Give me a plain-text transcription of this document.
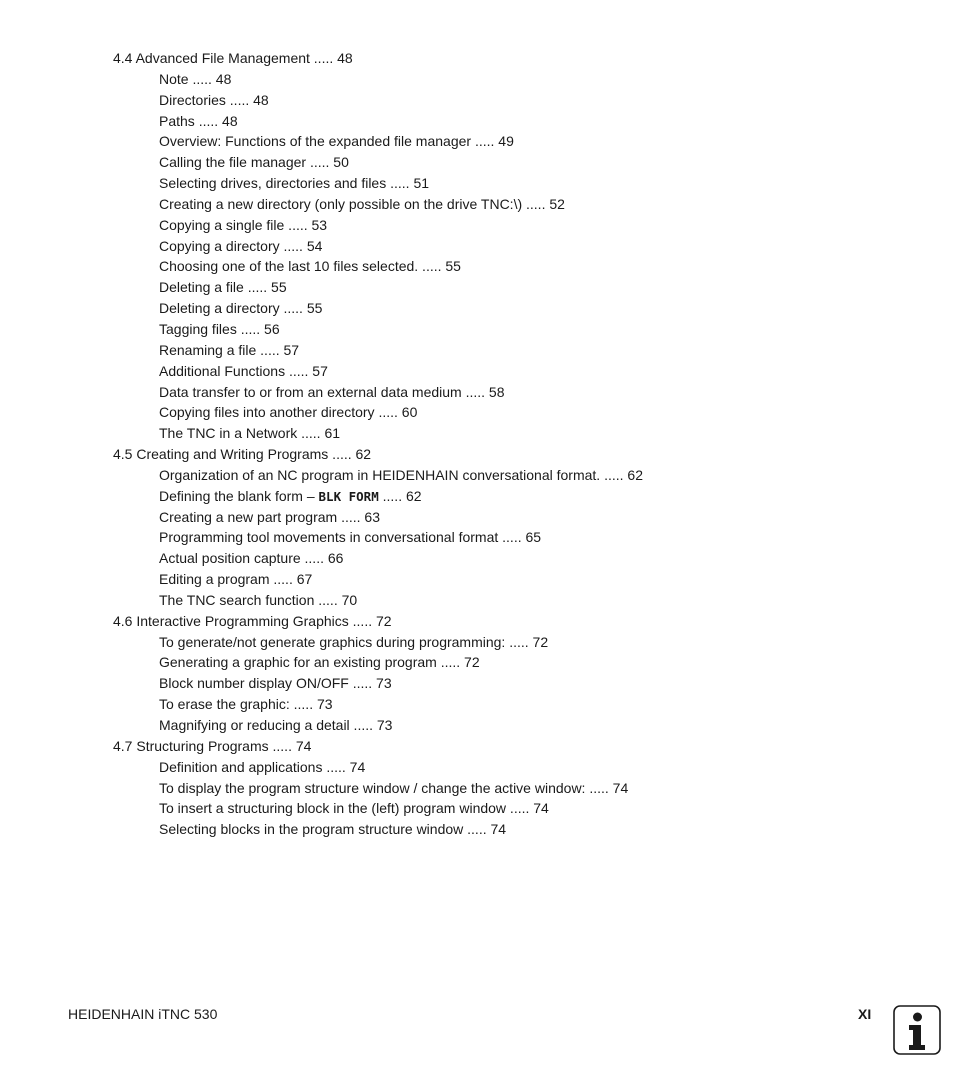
4.4 Advanced File Management ..... 48
Note ..... 48
Directories ..... 48
Paths ..... 48
Overview: Functions of the expanded file manager ..... 49
Calling the file manager ..... 50
Selecting drives, directories and files ..... 51
Creating a new directory (only possible on the drive TNC:\) ..... 52
Copying a single file ..... 53
Copying a directory ..... 54
Choosing one of the last 10 files selected. ..... 55
Deleting a file ..... 55
Deleting a directory ..... 55
Tagging files ..... 56
Renaming a file ..... 57
Additional Functions ..... 57
Data transfer to or from an external data medium ..... 58
Copying files into another directory ..... 60
The TNC in a Network ..... 61
4.5 Creating and Writing Programs ..... 62
Organization of an NC program in HEIDENHAIN conversational format. ..... 62
Defining the blank form – BLK FORM ..... 62
Creating a new part program ..... 63
Programming tool movements in conversational format ..... 65
Actual position capture ..... 66
Editing a program ..... 67
The TNC search function ..... 70
4.6 Interactive Programming Graphics ..... 72
To generate/not generate graphics during programming: ..... 72
Generating a graphic for an existing program ..... 72
Block number display ON/OFF ..... 73
To erase the graphic: ..... 73
Magnifying or reducing a detail ..... 73
4.7 Structuring Programs ..... 74
Definition and applications ..... 74
To display the program structure window / change the active window: ..... 74
To insert a structuring block in the (left) program window ..... 74
Selecting blocks in the program structure window ..... 74
HEIDENHAIN iTNC 530	XI
